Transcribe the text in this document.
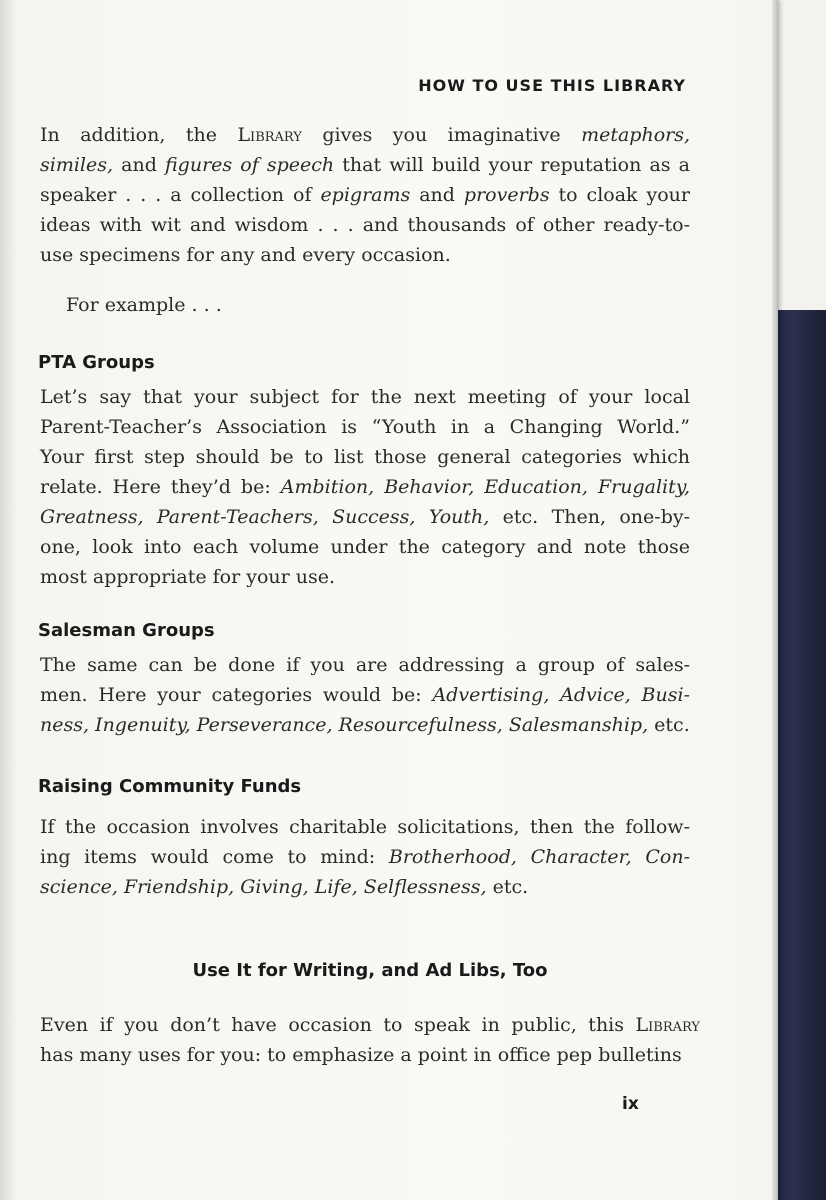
HOW TO USE THIS LIBRARY
In addition, the Library gives you imaginative metaphors,
similes, and figures of speech that will build your reputation as a
speaker . . . a collection of epigrams and proverbs to cloak your
ideas with wit and wisdom . . . and thousands of other ready-to-
use specimens for any and every occasion.
For example . . .
PTA Groups
Let’s say that your subject for the next meeting of your local
Parent-Teacher’s Association is “Youth in a Changing World.”
Your first step should be to list those general categories which
relate. Here they’d be: Ambition, Behavior, Education, Frugality,
Greatness, Parent-Teachers, Success, Youth, etc. Then, one-by-
one, look into each volume under the category and note those
most appropriate for your use.
Salesman Groups
The same can be done if you are addressing a group of sales-
men. Here your categories would be: Advertising, Advice, Busi-
ness, Ingenuity, Perseverance, Resourcefulness, Salesmanship, etc.
Raising Community Funds
If the occasion involves charitable solicitations, then the follow-
ing items would come to mind: Brotherhood, Character, Con-
science, Friendship, Giving, Life, Selflessness, etc.
Use It for Writing, and Ad Libs, Too
Even if you don’t have occasion to speak in public, this Library
has many uses for you: to emphasize a point in office pep bulletins
ix
